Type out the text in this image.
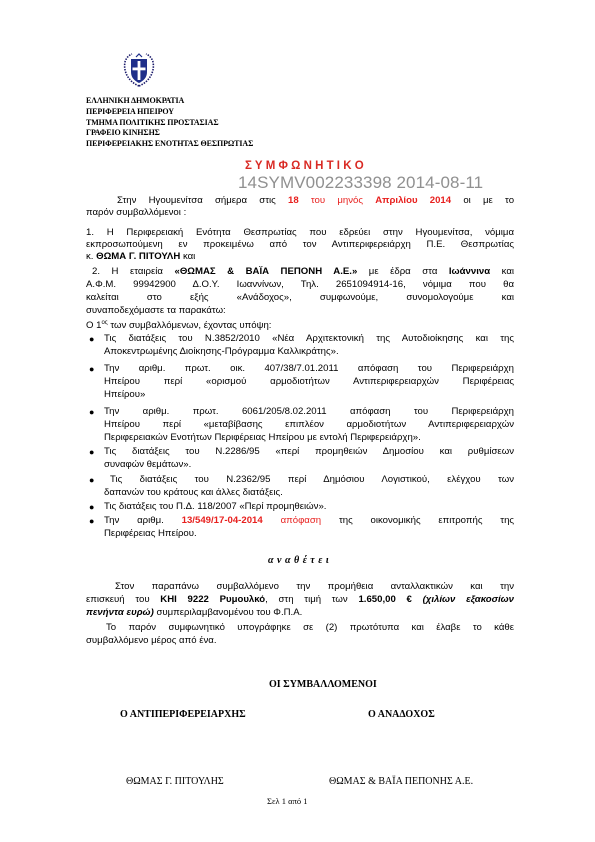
ΕΛΛΗΝΙΚΗ ΔΗΜΟΚΡΑΤΙΑ
ΠΕΡΙΦΕΡΕΙΑ ΗΠΕΙΡΟΥ
ΤΜΗΜΑ ΠΟΛΙΤΙΚΗΣ ΠΡΟΣΤΑΣΙΑΣ
ΓΡΑΦΕΙΟ ΚΙΝΗΣΗΣ
ΠΕΡΙΦΕΡΕΙΑΚΗΣ ΕΝΟΤΗΤΑΣ ΘΕΣΠΡΩΤΙΑΣ
Σ Υ Μ Φ Ω Ν Η Τ Ι Κ Ο
14SYMV002233398 2014-08-11
Στην Ηγουμενίτσα σήμερα στις 18 του μηνός Απριλίου 2014 οι με το
παρόν συμβαλλόμενοι :
1. Η Περιφερειακή Ενότητα Θεσπρωτίας που εδρεύει στην Ηγουμενίτσα, νόμιμα
εκπροσωπούμενη εν προκειμένω από τον Αντιπεριφερειάρχη Π.Ε. Θεσπρωτίας
κ. ΘΩΜΑ Γ. ΠΙΤΟΥΛΗ και
2. Η εταιρεία «ΘΩΜΑΣ & ΒΑΪΑ ΠΕΠΟΝΗ Α.Ε.» με έδρα στα Ιωάννινα και
Α.Φ.Μ. 99942900 Δ.Ο.Υ. Ιωαννίνων, Τηλ. 2651094914-16, νόμιμα που θα
καλείται στο εξής «Ανάδοχος», συμφωνούμε, συνομολογούμε και
συναποδεχόμαστε τα παρακάτω:
Ο $1^{o\varsigma}$ των συμβαλλόμενων, έχοντας υπόψη:
● Τις διατάξεις του Ν.3852/2010 «Νέα Αρχιτεκτονική της Αυτοδιοίκησης και της
Αποκεντρωμένης Διοίκησης-Πρόγραμμα Καλλικράτης».
● Την αριθμ. πρωτ. οικ. 407/38/7.01.2011 απόφαση του Περιφερειάρχη
Ηπείρου περί «ορισμού αρμοδιοτήτων Αντιπεριφερειαρχών Περιφέρειας
Ηπείρου»
● Την αριθμ. πρωτ. 6061/205/8.02.2011 απόφαση του Περιφερειάρχη
Ηπείρου περί «μεταβίβασης επιπλέον αρμοδιοτήτων Αντιπεριφερειαρχών
Περιφερειακών Ενοτήτων Περιφέρειας Ηπείρου με εντολή Περιφερειάρχη».
● Τις διατάξεις του Ν.2286/95 «περί προμηθειών Δημοσίου και ρυθμίσεων
συναφών θεμάτων».
● Τις διατάξεις του Ν.2362/95 περί Δημόσιου Λογιστικού, ελέγχου των
δαπανών του κράτους και άλλες διατάξεις.
● Τις διατάξεις του Π.Δ. 118/2007 «Περί προμηθειών».
● Την αριθμ. 13/549/17-04-2014 απόφαση της οικονομικής επιτροπής της
Περιφέρειας Ηπείρου.
α ν α θ έ τ ε ι
Στον παραπάνω συμβαλλόμενο την προμήθεια ανταλλακτικών και την
επισκευή του ΚΗΙ 9222 Ρυμουλκό, στη τιμή των 1.650,00 € (χιλίων εξακοσίων
πενήντα ευρώ) συμπεριλαμβανομένου του Φ.Π.Α.
Το παρόν συμφωνητικό υπογράφηκε σε (2) πρωτότυπα και έλαβε το κάθε
συμβαλλόμενο μέρος από ένα.
ΟΙ ΣΥΜΒΑΛΛΟΜΕΝΟΙ
Ο ΑΝΤΙΠΕΡΙΦΕΡΕΙΑΡΧΗΣ	Ο ΑΝΑΔΟΧΟΣ
ΘΩΜΑΣ Γ. ΠΙΤΟΥΛΗΣ	ΘΩΜΑΣ & ΒΑΪΑ ΠΕΠΟΝΗΣ Α.Ε.
Σελ 1 από 1
